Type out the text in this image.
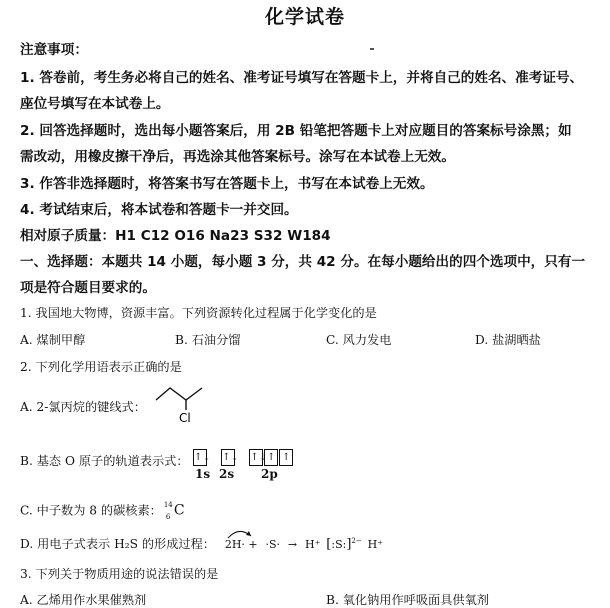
化学试卷
注意事项：
1. 答卷前，考生务必将自己的姓名、准考证号填写在答题卡上，并将自己的姓名、准考证号、
座位号填写在本试卷上。
2. 回答选择题时，选出每小题答案后，用 2B 铅笔把答题卡上对应题目的答案标号涂黑；如
需改动，用橡皮擦干净后，再选涂其他答案标号。涂写在本试卷上无效。
3. 作答非选择题时，将答案书写在答题卡上，书写在本试卷上无效。
4. 考试结束后，将本试卷和答题卡一并交回。
相对原子质量：H1 C12 O16 Na23 S32 W184
一、选择题：本题共 14 小题，每小题 3 分，共 42 分。在每小题给出的四个选项中，只有一
项是符合题目要求的。
1. 我国地大物博，资源丰富。下列资源转化过程属于化学变化的是
A. 煤制甲醇	B. 石油分馏	C. 风力发电	D. 盐湖晒盐
2. 下列化学用语表示正确的是
A. 2-氯丙烷的键线式：
Cl
B. 基态 O 原子的轨道表示式： ↑↓ ↑↓ ↑↓↑ ↑
1s 2s 2p
C. 中子数为 8 的碳核素： 14
6 C
D. 用电子式表示 H₂S 的形成过程： 2H· + ·S· → H⁺ [:S:]$^{2-}$ H⁺
3. 下列关于物质用途的说法错误的是
A. 乙烯用作水果催熟剂	B. 氧化钠用作呼吸面具供氧剂
